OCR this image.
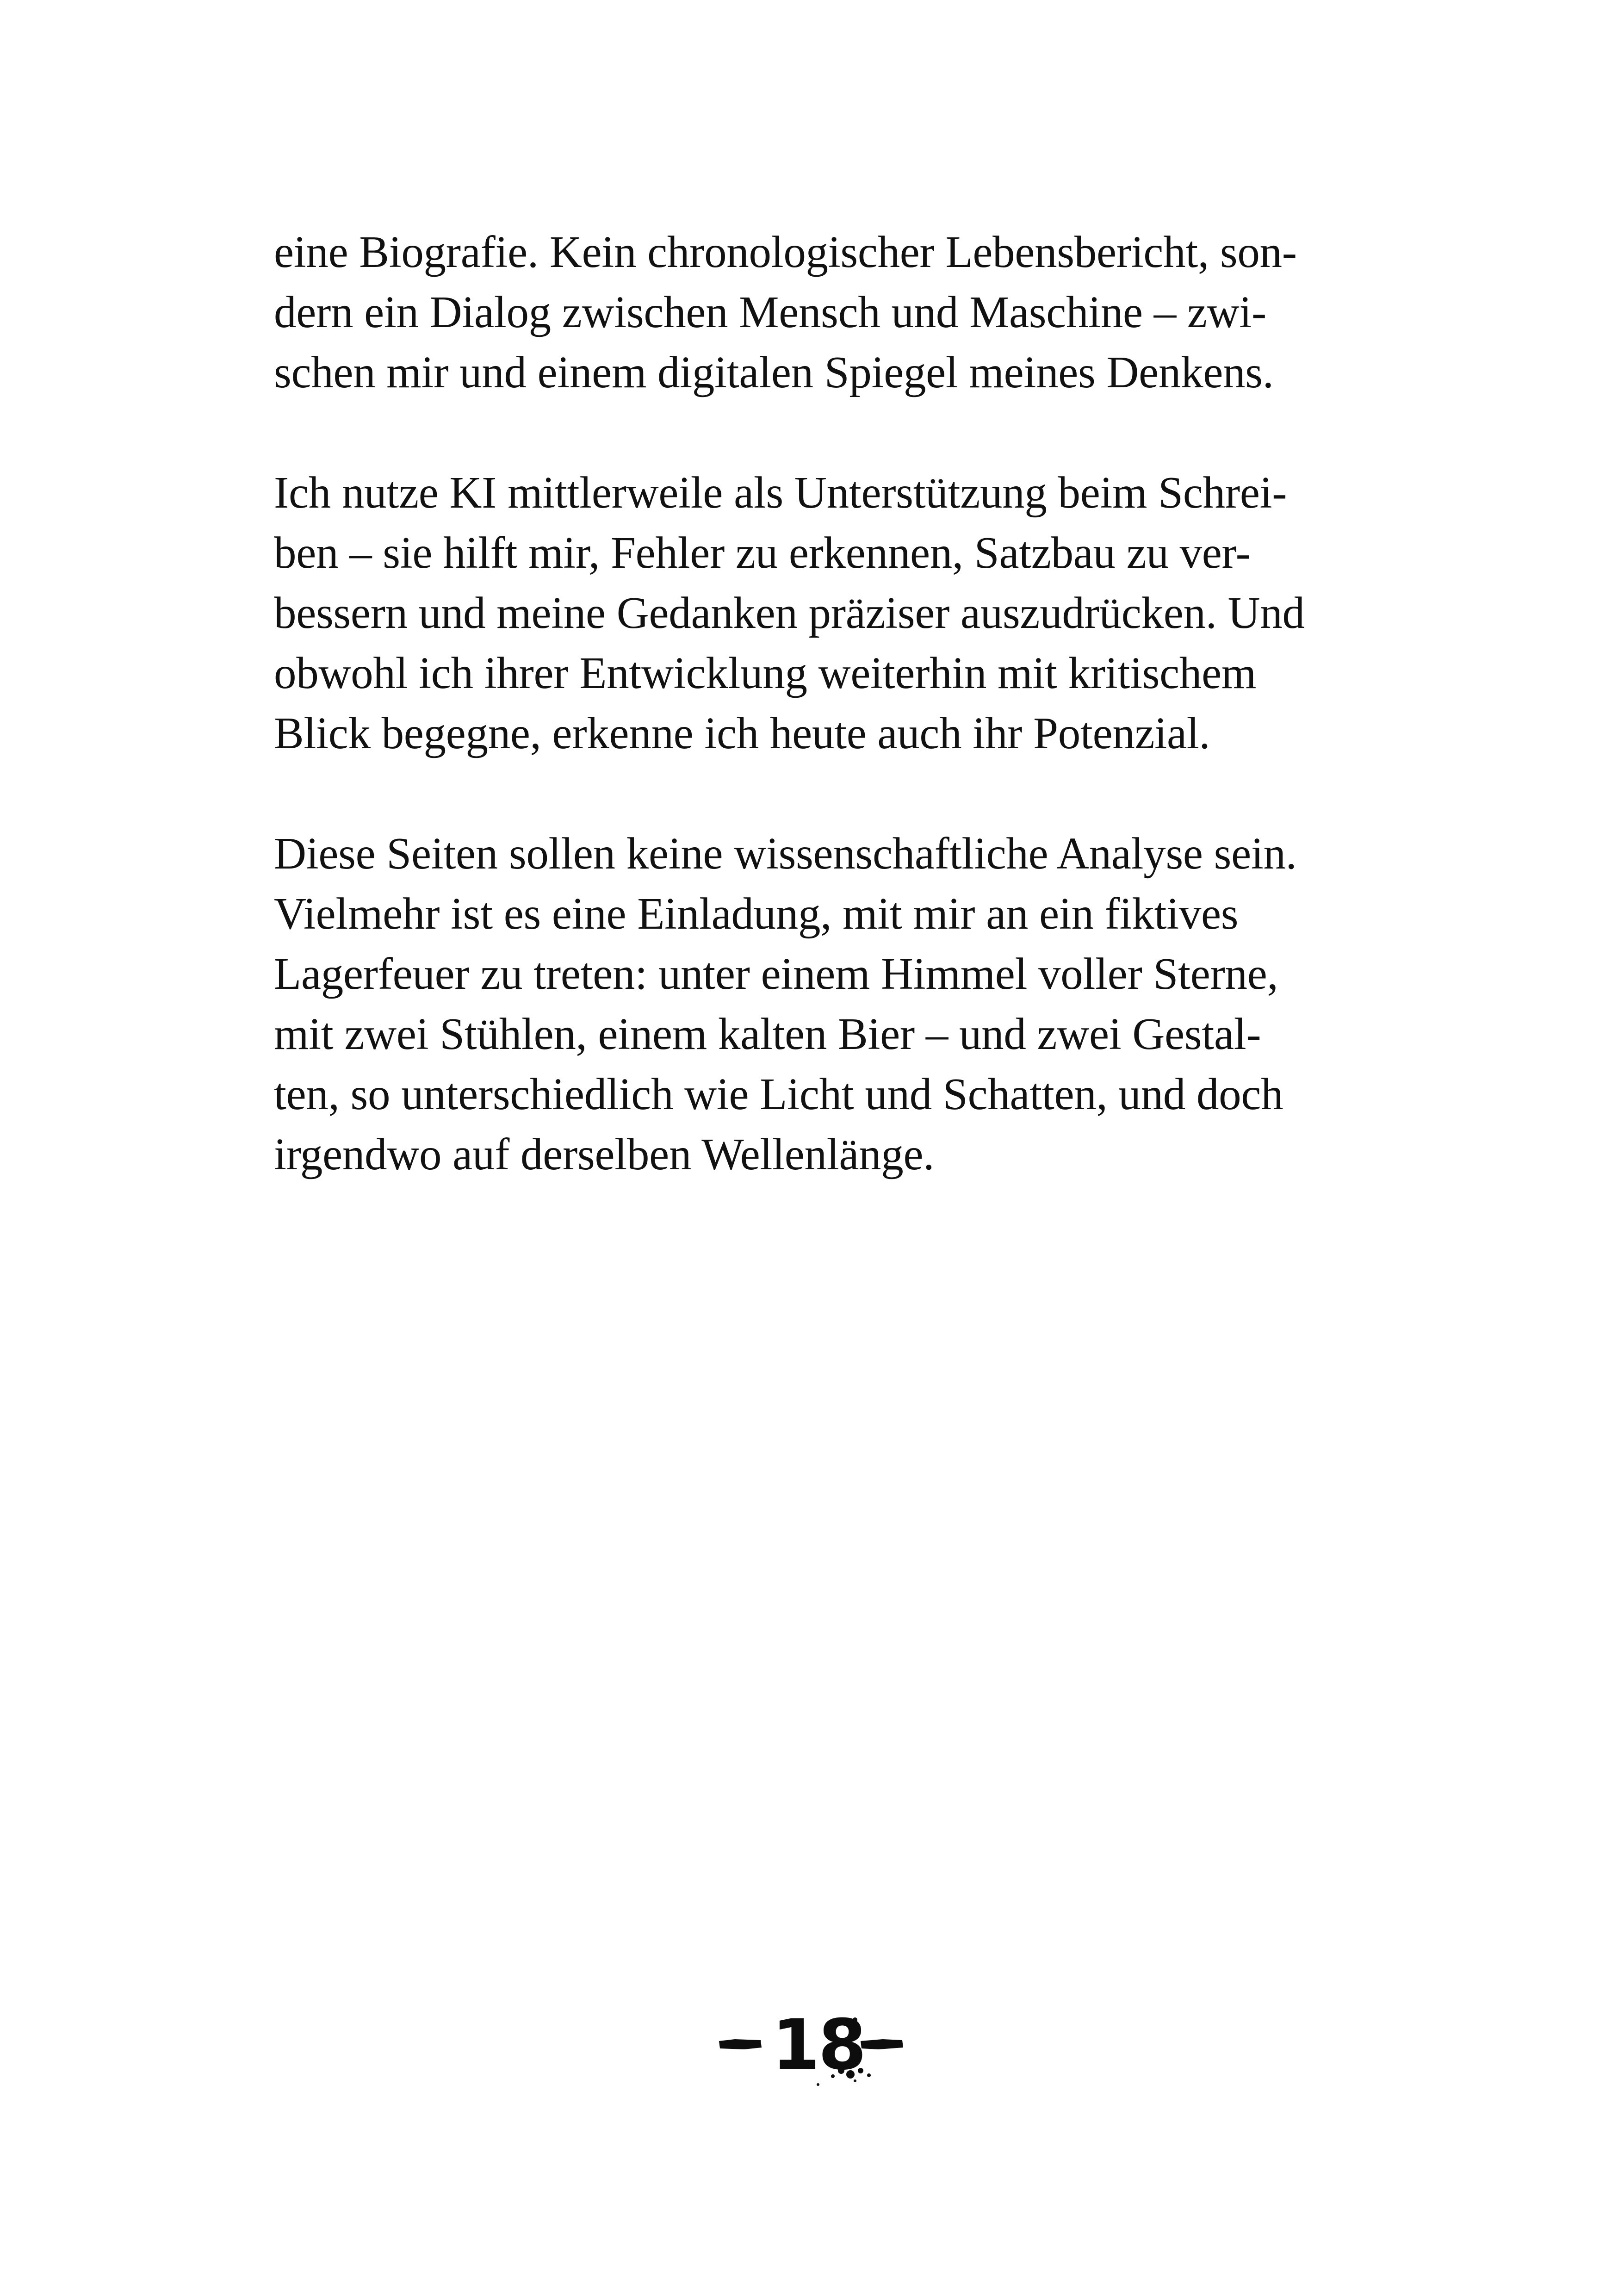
eine Biografie. Kein chronologischer Lebensbericht, son-
dern ein Dialog zwischen Mensch und Maschine – zwi-
schen mir und einem digitalen Spiegel meines Denkens.

Ich nutze KI mittlerweile als Unterstützung beim Schrei-
ben – sie hilft mir, Fehler zu erkennen, Satzbau zu ver-
bessern und meine Gedanken präziser auszudrücken. Und
obwohl ich ihrer Entwicklung weiterhin mit kritischem
Blick begegne, erkenne ich heute auch ihr Potenzial.

Diese Seiten sollen keine wissenschaftliche Analyse sein.
Vielmehr ist es eine Einladung, mit mir an ein fiktives
Lagerfeuer zu treten: unter einem Himmel voller Sterne,
mit zwei Stühlen, einem kalten Bier – und zwei Gestal-
ten, so unterschiedlich wie Licht und Schatten, und doch
irgendwo auf derselben Wellenlänge.

18
